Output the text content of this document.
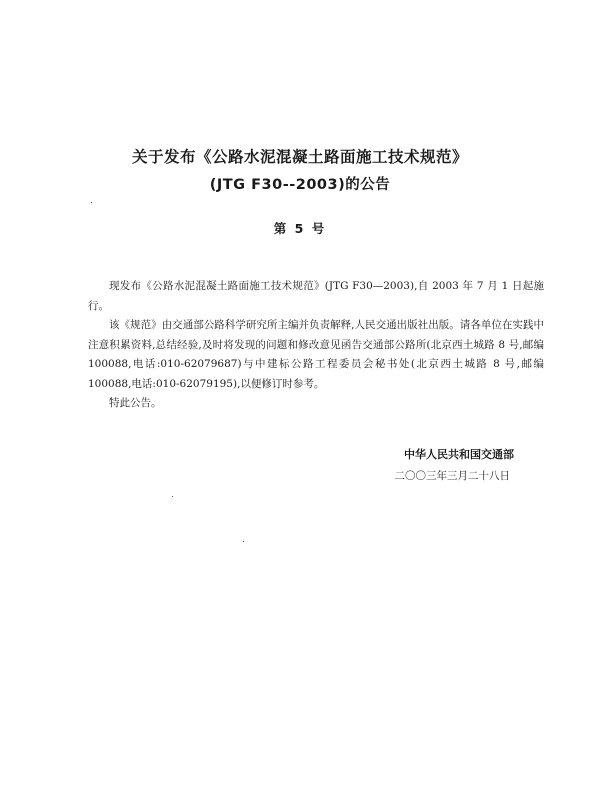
关于发布《公路水泥混凝土路面施工技术规范》
(JTG F30--2003)的公告
第 5 号

现发布《公路水泥混凝土路面施工技术规范》(JTG F30—2003),自 2003 年 7 月 1 日起施行。

该《规范》由交通部公路科学研究所主编并负责解释,人民交通出版社出版。请各单位在实践中注意积累资料,总结经验,及时将发现的问题和修改意见函告交通部公路所(北京西土城路 8 号,邮编 100088,电话:010-62079687)与中建标公路工程委员会秘书处(北京西土城路 8 号,邮编 100088,电话:010-62079195),以便修订时参考。

特此公告。

中华人民共和国交通部
二〇〇三年三月二十八日
